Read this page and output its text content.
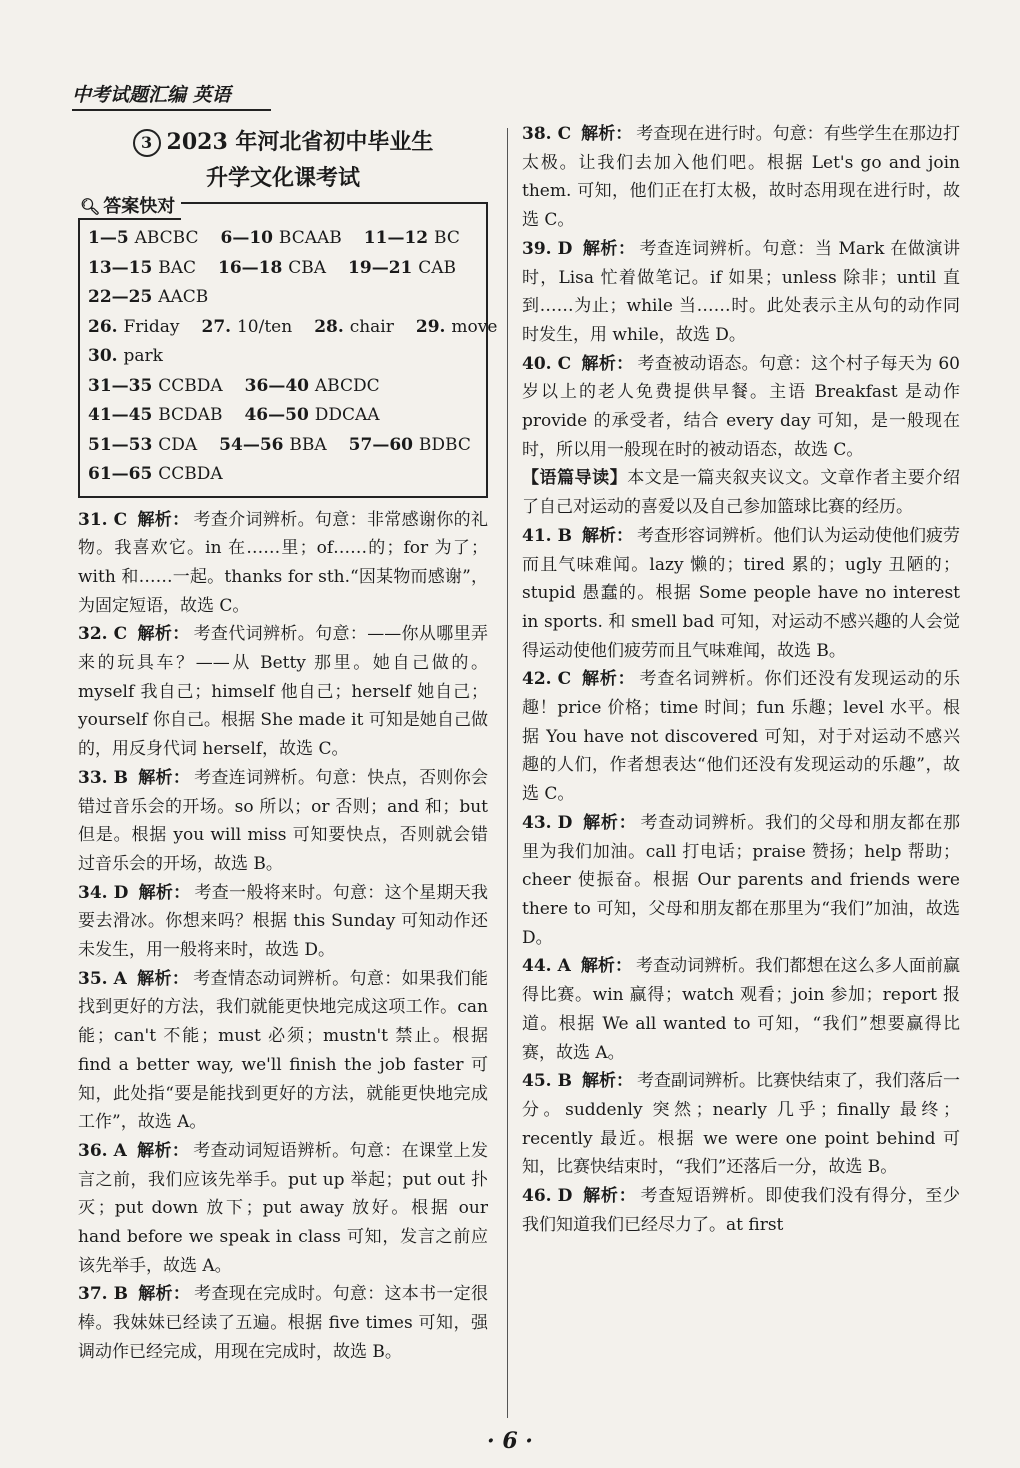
中考试题汇编 英语
3 2023 年河北省初中毕业生
升学文化课考试
🔍︎ 答案快对
1—5 ABCBC 6—10 BCAAB 11—12 BC
13—15 BAC 16—18 CBA 19—21 CAB
22—25 AACB
26. Friday 27. 10/ten 28. chair 29. move
30. park
31—35 CCBDA 36—40 ABCDC
41—45 BCDAB 46—50 DDCAA
51—53 CDA 54—56 BBA 57—60 BDBC
61—65 CCBDA

31. C 解析： 考查介词辨析。句意：非常感谢你的礼物。我喜欢它。in 在……里；of……的；for 为了；with 和……一起。thanks for sth.“因某物而感谢”，为固定短语，故选 C。

32. C 解析： 考查代词辨析。句意：——你从哪里弄来的玩具车？——从 Betty 那里。她自己做的。myself 我自己；himself 他自己；herself 她自己；yourself 你自己。根据 She made it 可知是她自己做的，用反身代词 herself，故选 C。

33. B 解析： 考查连词辨析。句意：快点，否则你会错过音乐会的开场。so 所以；or 否则；and 和；but 但是。根据 you will miss 可知要快点，否则就会错过音乐会的开场，故选 B。

34. D 解析： 考查一般将来时。句意：这个星期天我要去滑冰。你想来吗？根据 this Sunday 可知动作还未发生，用一般将来时，故选 D。

35. A 解析： 考查情态动词辨析。句意：如果我们能找到更好的方法，我们就能更快地完成这项工作。can 能；can't 不能；must 必须；mustn't 禁止。根据 find a better way, we'll finish the job faster 可知，此处指“要是能找到更好的方法，就能更快地完成工作”，故选 A。

36. A 解析： 考查动词短语辨析。句意：在课堂上发言之前，我们应该先举手。put up 举起；put out 扑灭；put down 放下；put away 放好。根据 our hand before we speak in class 可知，发言之前应该先举手，故选 A。

37. B 解析： 考查现在完成时。句意：这本书一定很棒。我妹妹已经读了五遍。根据 five times 可知，强调动作已经完成，用现在完成时，故选 B。

38. C 解析： 考查现在进行时。句意：有些学生在那边打太极。让我们去加入他们吧。根据 Let's go and join them. 可知，他们正在打太极，故时态用现在进行时，故选 C。

39. D 解析： 考查连词辨析。句意：当 Mark 在做演讲时，Lisa 忙着做笔记。if 如果；unless 除非；until 直到……为止；while 当……时。此处表示主从句的动作同时发生，用 while，故选 D。

40. C 解析： 考查被动语态。句意：这个村子每天为 60 岁以上的老人免费提供早餐。主语 Breakfast 是动作 provide 的承受者，结合 every day 可知，是一般现在时，所以用一般现在时的被动语态，故选 C。

【语篇导读】本文是一篇夹叙夹议文。文章作者主要介绍了自己对运动的喜爱以及自己参加篮球比赛的经历。

41. B 解析： 考查形容词辨析。他们认为运动使他们疲劳而且气味难闻。lazy 懒的；tired 累的；ugly 丑陋的；stupid 愚蠢的。根据 Some people have no interest in sports. 和 smell bad 可知，对运动不感兴趣的人会觉得运动使他们疲劳而且气味难闻，故选 B。

42. C 解析： 考查名词辨析。你们还没有发现运动的乐趣！price 价格；time 时间；fun 乐趣；level 水平。根据 You have not discovered 可知，对于对运动不感兴趣的人们，作者想表达“他们还没有发现运动的乐趣”，故选 C。

43. D 解析： 考查动词辨析。我们的父母和朋友都在那里为我们加油。call 打电话；praise 赞扬；help 帮助；cheer 使振奋。根据 Our parents and friends were there to 可知，父母和朋友都在那里为“我们”加油，故选 D。

44. A 解析： 考查动词辨析。我们都想在这么多人面前赢得比赛。win 赢得；watch 观看；join 参加；report 报道。根据 We all wanted to 可知，“我们”想要赢得比赛，故选 A。

45. B 解析： 考查副词辨析。比赛快结束了，我们落后一分。suddenly 突然；nearly 几乎；finally 最终；recently 最近。根据 we were one point behind 可知，比赛快结束时，“我们”还落后一分，故选 B。

46. D 解析： 考查短语辨析。即使我们没有得分，至少我们知道我们已经尽力了。at first

· 6 ·
